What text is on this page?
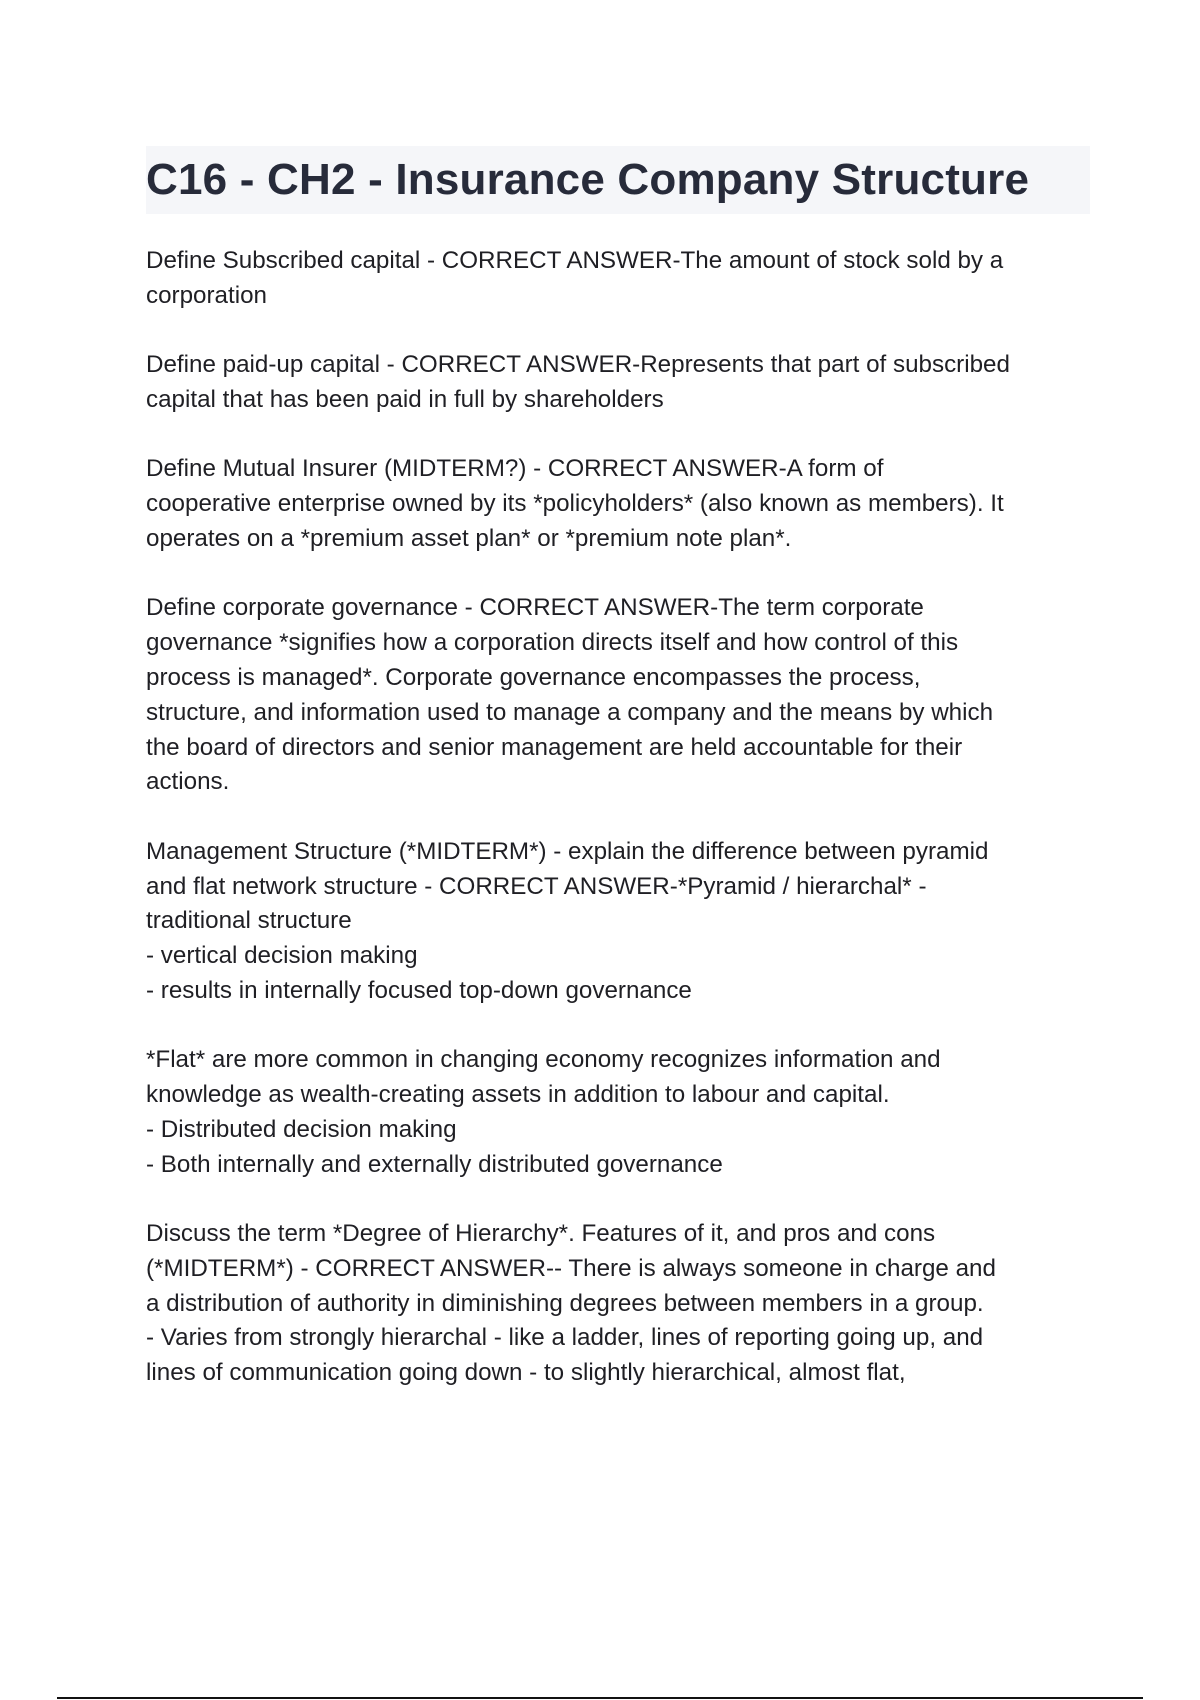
C16 - CH2 - Insurance Company Structure

Define Subscribed capital - CORRECT ANSWER-The amount of stock sold by a
corporation

Define paid-up capital - CORRECT ANSWER-Represents that part of subscribed
capital that has been paid in full by shareholders

Define Mutual Insurer (MIDTERM?) - CORRECT ANSWER-A form of
cooperative enterprise owned by its *policyholders* (also known as members). It
operates on a *premium asset plan* or *premium note plan*.

Define corporate governance - CORRECT ANSWER-The term corporate
governance *signifies how a corporation directs itself and how control of this
process is managed*. Corporate governance encompasses the process,
structure, and information used to manage a company and the means by which
the board of directors and senior management are held accountable for their
actions.

Management Structure (*MIDTERM*) - explain the difference between pyramid
and flat network structure - CORRECT ANSWER-*Pyramid / hierarchal* -
traditional structure
- vertical decision making
- results in internally focused top-down governance

*Flat* are more common in changing economy recognizes information and
knowledge as wealth-creating assets in addition to labour and capital.
- Distributed decision making
- Both internally and externally distributed governance

Discuss the term *Degree of Hierarchy*. Features of it, and pros and cons
(*MIDTERM*) - CORRECT ANSWER-- There is always someone in charge and
a distribution of authority in diminishing degrees between members in a group.
- Varies from strongly hierarchal - like a ladder, lines of reporting going up, and
lines of communication going down - to slightly hierarchical, almost flat,
